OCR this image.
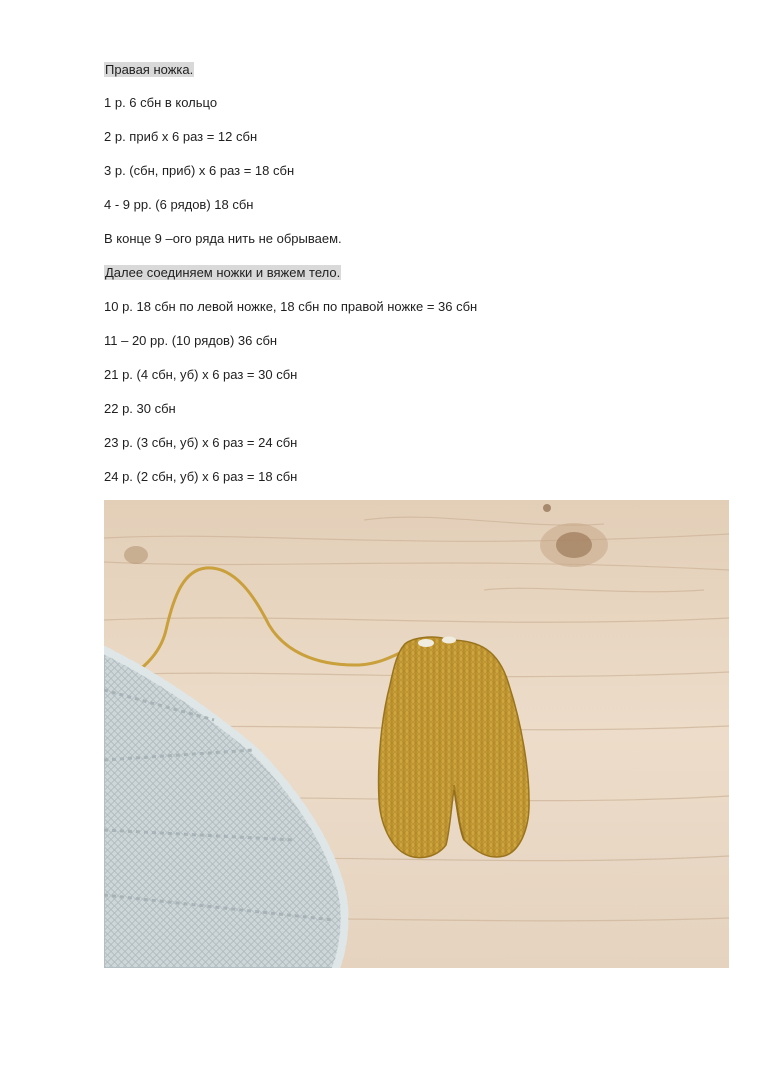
Правая ножка.
1 р. 6 сбн в кольцо
2 р. приб х 6 раз = 12 сбн
3 р. (сбн, приб) х 6 раз = 18 сбн
4 - 9 рр. (6 рядов) 18 сбн
В конце 9 –ого ряда нить не обрываем.
Далее соединяем ножки и вяжем тело.
10 р. 18 сбн по левой ножке, 18 сбн по правой ножке = 36 сбн
11 – 20 рр. (10 рядов) 36 сбн
21 р. (4 сбн, уб) х 6 раз = 30 сбн
22 р. 30 сбн
23 р. (3 сбн, уб) х 6 раз = 24 сбн
24 р. (2 сбн, уб) х 6 раз = 18 сбн
